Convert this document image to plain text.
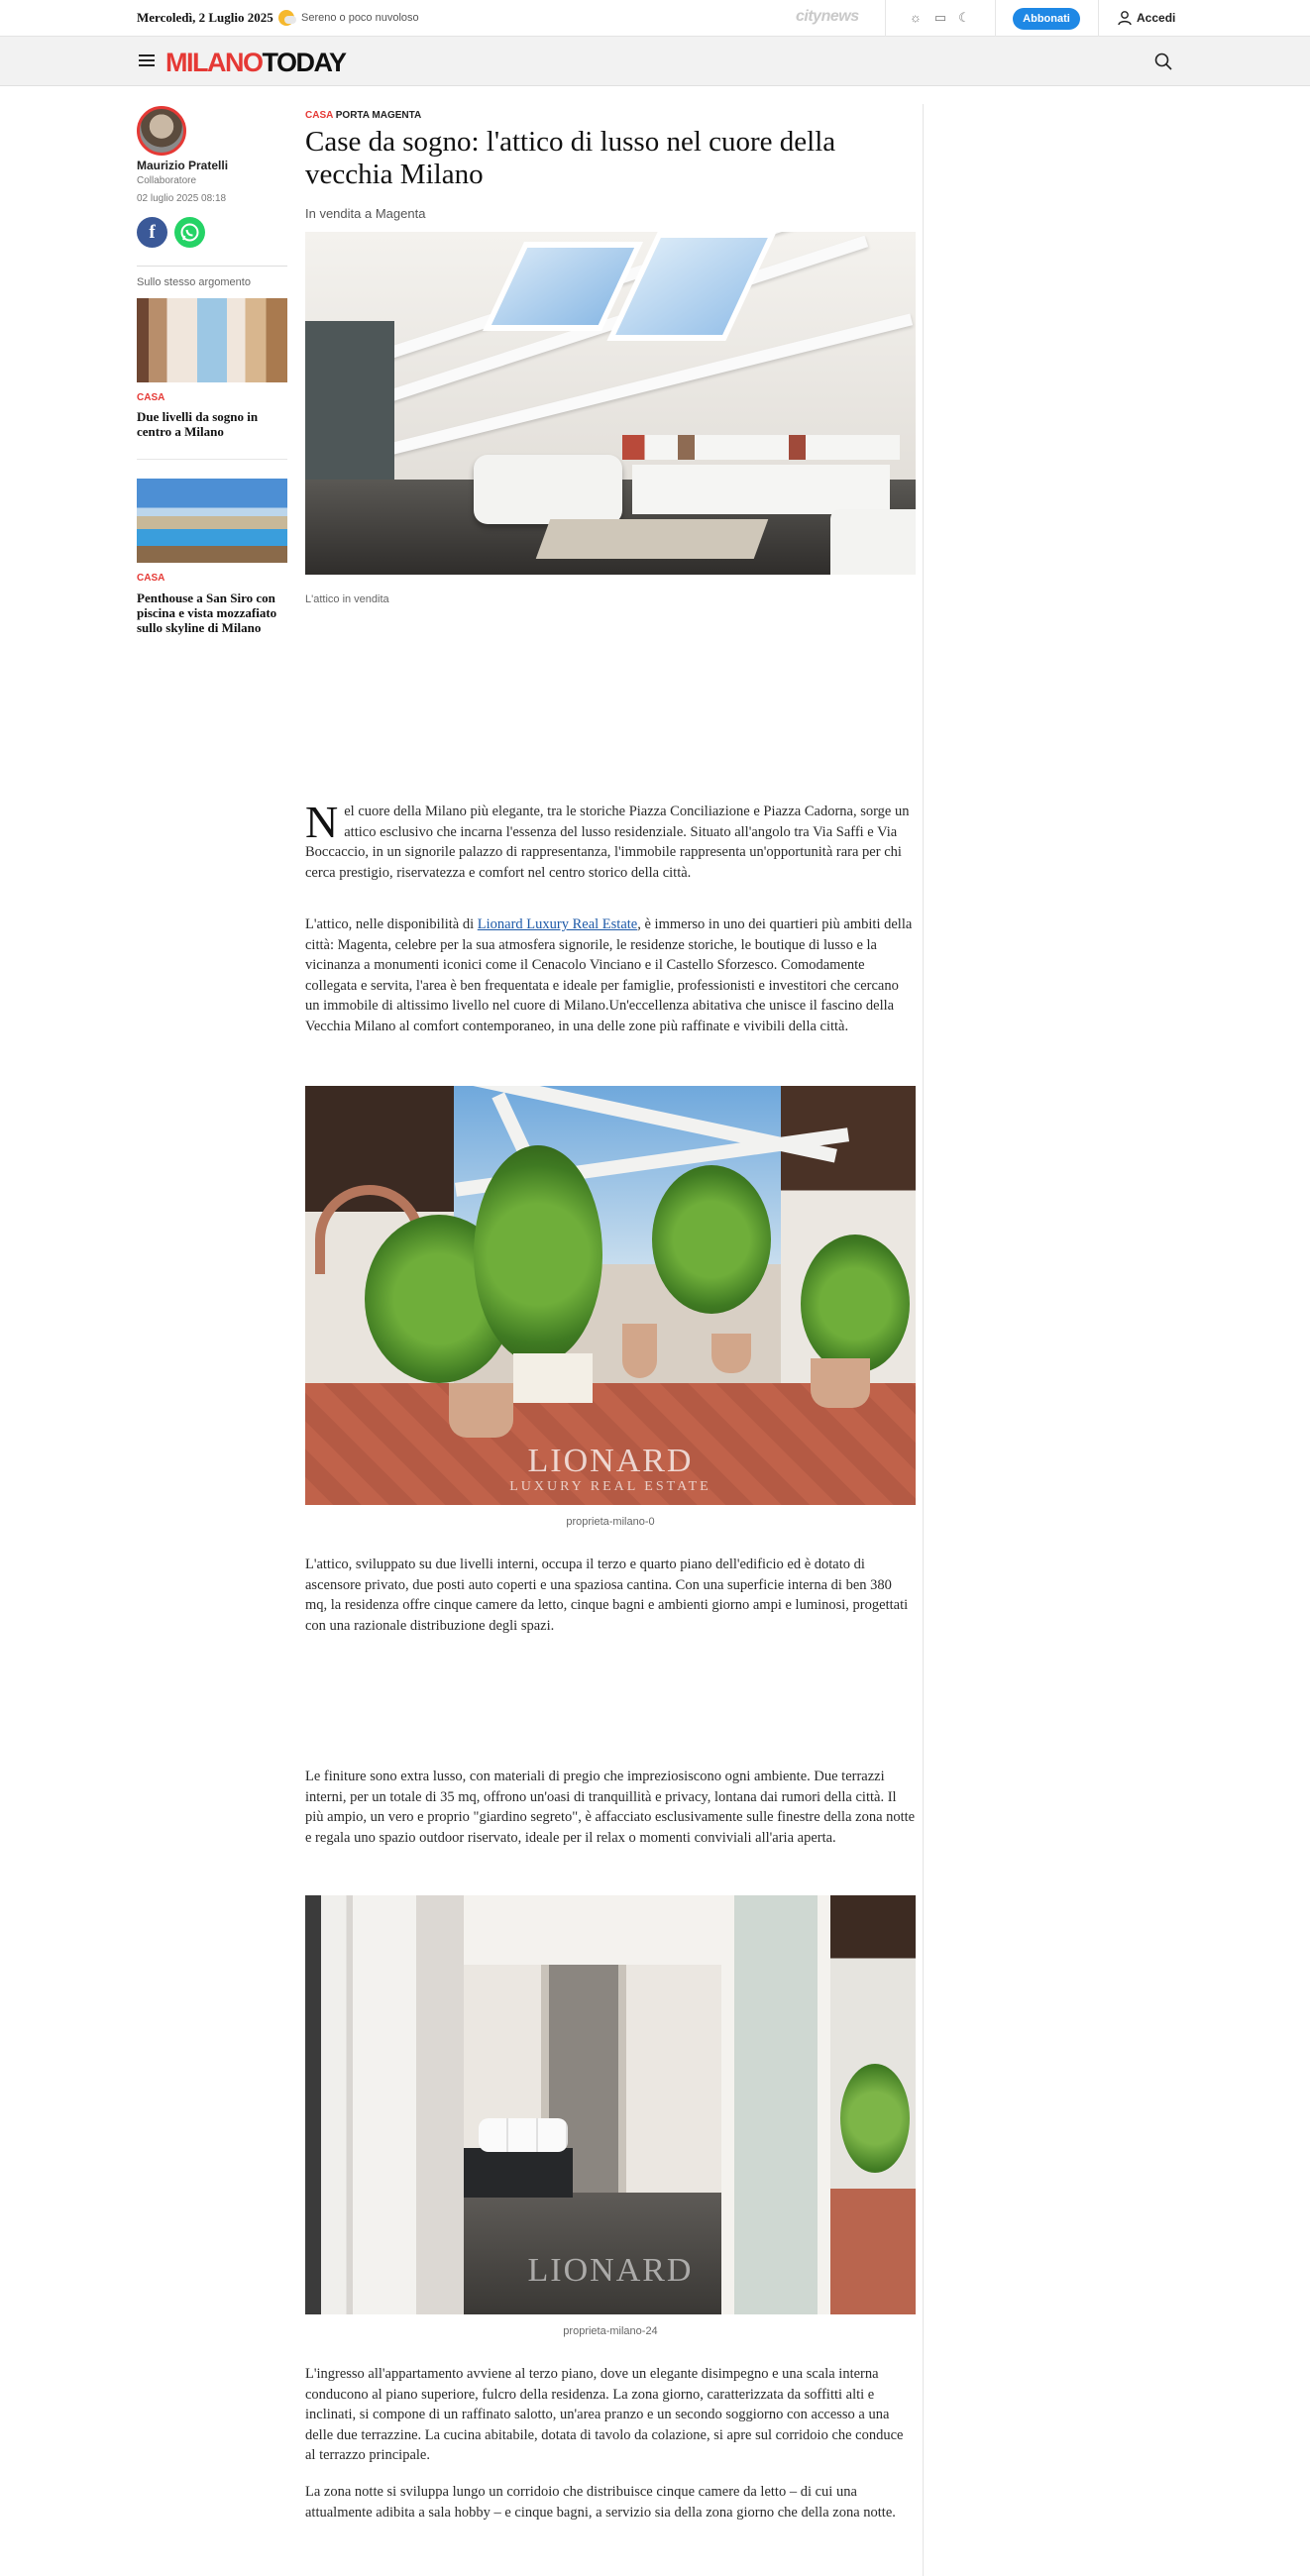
Mercoledì, 2 Luglio 2025	Sereno o poco nuvoloso	citynews	☼ ▭ ☾	Abbonati	Accedi
MILANOTODAY
Maurizio Pratelli
Collaboratore
02 luglio 2025 08:18
f
Sullo stesso argomento
CASA
Due livelli da sogno in centro a Milano
CASA
Penthouse a San Siro con piscina e vista mozzafiato sullo skyline di Milano
CASA PORTA MAGENTA
Case da sogno: l'attico di lusso nel cuore della vecchia Milano
In vendita a Magenta
L'attico in vendita
Nel cuore della Milano più elegante, tra le storiche Piazza Conciliazione e Piazza Cadorna, sorge un attico esclusivo che incarna l'essenza del lusso residenziale. Situato all'angolo tra Via Saffi e Via Boccaccio, in un signorile palazzo di rappresentanza, l'immobile rappresenta un'opportunità rara per chi cerca prestigio, riservatezza e comfort nel centro storico della città.
L'attico, nelle disponibilità di Lionard Luxury Real Estate, è immerso in uno dei quartieri più ambiti della città: Magenta, celebre per la sua atmosfera signorile, le residenze storiche, le boutique di lusso e la vicinanza a monumenti iconici come il Cenacolo Vinciano e il Castello Sforzesco. Comodamente collegata e servita, l'area è ben frequentata e ideale per famiglie, professionisti e investitori che cercano un immobile di altissimo livello nel cuore di Milano.Un'eccellenza abitativa che unisce il fascino della Vecchia Milano al comfort contemporaneo, in una delle zone più raffinate e vivibili della città.
LIONARD
LUXURY REAL ESTATE
proprieta-milano-0
L'attico, sviluppato su due livelli interni, occupa il terzo e quarto piano dell'edificio ed è dotato di ascensore privato, due posti auto coperti e una spaziosa cantina. Con una superficie interna di ben 380 mq, la residenza offre cinque camere da letto, cinque bagni e ambienti giorno ampi e luminosi, progettati con una razionale distribuzione degli spazi.
Le finiture sono extra lusso, con materiali di pregio che impreziosiscono ogni ambiente. Due terrazzi interni, per un totale di 35 mq, offrono un'oasi di tranquillità e privacy, lontana dai rumori della città. Il più ampio, un vero e proprio "giardino segreto", è affacciato esclusivamente sulle finestre della zona notte e regala uno spazio outdoor riservato, ideale per il relax o momenti conviviali all'aria aperta.
LIONARD
proprieta-milano-24
L'ingresso all'appartamento avviene al terzo piano, dove un elegante disimpegno e una scala interna conducono al piano superiore, fulcro della residenza. La zona giorno, caratterizzata da soffitti alti e inclinati, si compone di un raffinato salotto, un'area pranzo e un secondo soggiorno con accesso a una delle due terrazzine. La cucina abitabile, dotata di tavolo da colazione, si apre sul corridoio che conduce al terrazzo principale.
La zona notte si sviluppa lungo un corridoio che distribuisce cinque camere da letto – di cui una attualmente adibita a sala hobby – e cinque bagni, a servizio sia della zona giorno che della zona notte.
